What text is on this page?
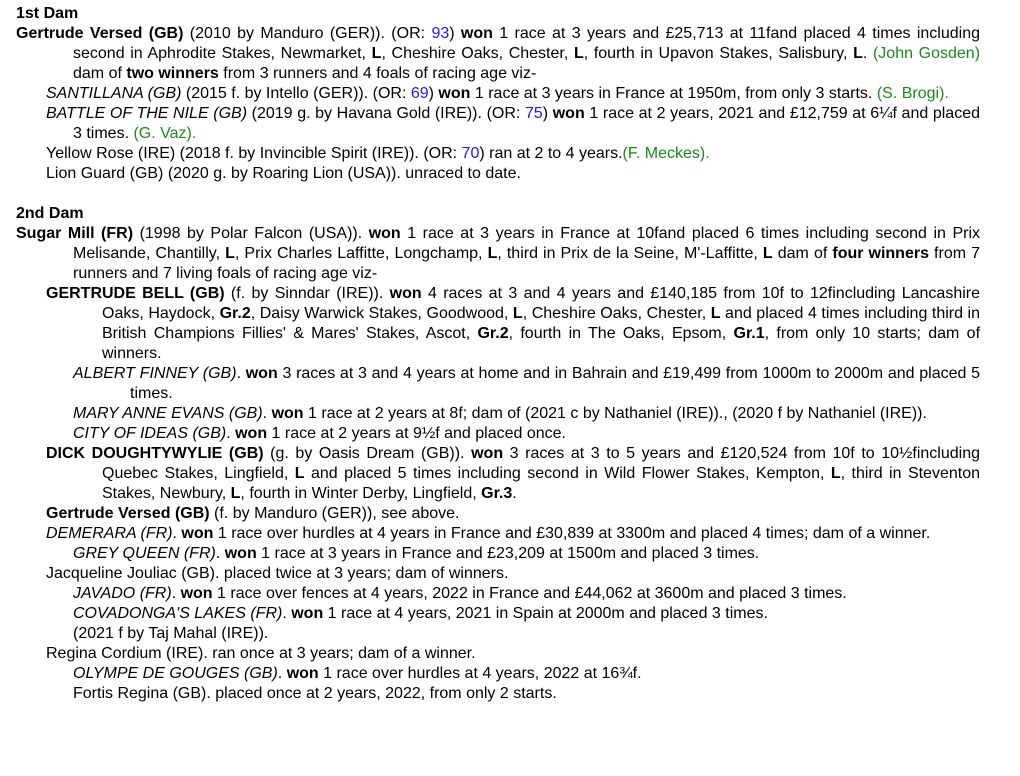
1st Dam

Gertrude Versed (GB) (2010 by Manduro (GER)). (OR: 93) won 1 race at 3 years and £25,713 at 11fand placed 4 times including second in Aphrodite Stakes, Newmarket, L, Cheshire Oaks, Chester, L, fourth in Upavon Stakes, Salisbury, L. (John Gosden) dam of two winners from 3 runners and 4 foals of racing age viz-

SANTILLANA (GB) (2015 f. by Intello (GER)). (OR: 69) won 1 race at 3 years in France at 1950m, from only 3 starts. (S. Brogi).

BATTLE OF THE NILE (GB) (2019 g. by Havana Gold (IRE)). (OR: 75) won 1 race at 2 years, 2021 and £12,759 at 6¼f and placed 3 times. (G. Vaz).

Yellow Rose (IRE) (2018 f. by Invincible Spirit (IRE)). (OR: 70) ran at 2 to 4 years.(F. Meckes).

Lion Guard (GB) (2020 g. by Roaring Lion (USA)). unraced to date.

2nd Dam

Sugar Mill (FR) (1998 by Polar Falcon (USA)). won 1 race at 3 years in France at 10fand placed 6 times including second in Prix Melisande, Chantilly, L, Prix Charles Laffitte, Longchamp, L, third in Prix de la Seine, M'-Laffitte, L dam of four winners from 7 runners and 7 living foals of racing age viz-

GERTRUDE BELL (GB) (f. by Sinndar (IRE)). won 4 races at 3 and 4 years and £140,185 from 10f to 12fincluding Lancashire Oaks, Haydock, Gr.2, Daisy Warwick Stakes, Goodwood, L, Cheshire Oaks, Chester, L and placed 4 times including third in British Champions Fillies' & Mares' Stakes, Ascot, Gr.2, fourth in The Oaks, Epsom, Gr.1, from only 10 starts; dam of winners.

ALBERT FINNEY (GB). won 3 races at 3 and 4 years at home and in Bahrain and £19,499 from 1000m to 2000m and placed 5 times.

MARY ANNE EVANS (GB). won 1 race at 2 years at 8f; dam of (2021 c by Nathaniel (IRE))., (2020 f by Nathaniel (IRE)).

CITY OF IDEAS (GB). won 1 race at 2 years at 9½f and placed once.

DICK DOUGHTYWYLIE (GB) (g. by Oasis Dream (GB)). won 3 races at 3 to 5 years and £120,524 from 10f to 10½fincluding Quebec Stakes, Lingfield, L and placed 5 times including second in Wild Flower Stakes, Kempton, L, third in Steventon Stakes, Newbury, L, fourth in Winter Derby, Lingfield, Gr.3.

Gertrude Versed (GB) (f. by Manduro (GER)), see above.

DEMERARA (FR). won 1 race over hurdles at 4 years in France and £30,839 at 3300m and placed 4 times; dam of a winner.

GREY QUEEN (FR). won 1 race at 3 years in France and £23,209 at 1500m and placed 3 times.

Jacqueline Jouliac (GB). placed twice at 3 years; dam of winners.

JAVADO (FR). won 1 race over fences at 4 years, 2022 in France and £44,062 at 3600m and placed 3 times.

COVADONGA'S LAKES (FR). won 1 race at 4 years, 2021 in Spain at 2000m and placed 3 times.

(2021 f by Taj Mahal (IRE)).

Regina Cordium (IRE). ran once at 3 years; dam of a winner.

OLYMPE DE GOUGES (GB). won 1 race over hurdles at 4 years, 2022 at 16¾f.

Fortis Regina (GB). placed once at 2 years, 2022, from only 2 starts.
